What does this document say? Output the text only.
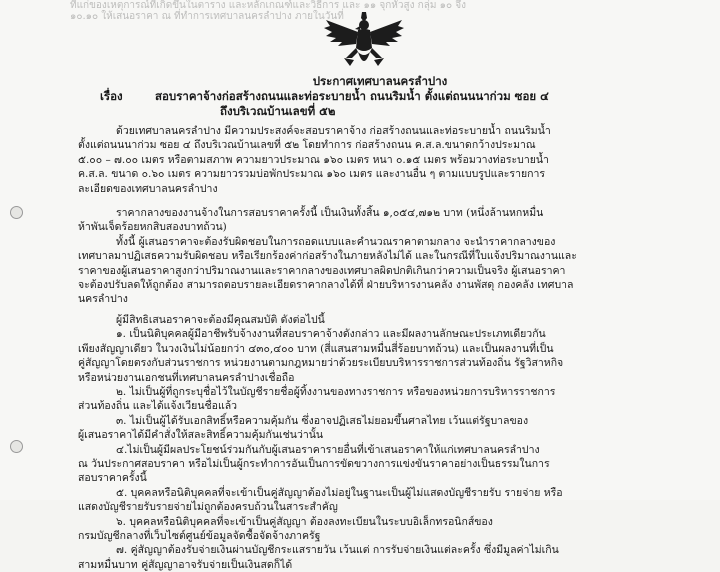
ที่แก่ของเหตุการณ์ที่เกิดขึ้นในตาราง และหลักเกณฑ์และวิธีการ และ ๑๑ จุกหัวสูง กลุ่ม ๑๐ จึง
๑๐.๑๐ ให้เสนอราคา ณ ที่ทำการเทศบาลนครลำปาง ภายในวันที่
ประกาศเทศบาลนครลำปาง
เรื่อง	สอบราคาจ้างก่อสร้างถนนและท่อระบายน้ำ ถนนริมน้ำ ตั้งแต่ถนนนาก่วม ซอย ๔
ถึงบริเวณบ้านเลขที่ ๕๒

ด้วยเทศบาลนครลำปาง มีความประสงค์จะสอบราคาจ้าง ก่อสร้างถนนและท่อระบายน้ำ ถนนริมน้ำ

ตั้งแต่ถนนนาก่วม ซอย ๔ ถึงบริเวณบ้านเลขที่ ๕๒ โดยทำการ ก่อสร้างถนน ค.ส.ล.ขนาดกว้างประมาณ

๕.๐๐ – ๗.๐๐ เมตร หรือตามสภาพ ความยาวประมาณ ๑๖๐ เมตร หนา ๐.๑๕ เมตร พร้อมวางท่อระบายน้ำ

ค.ส.ล. ขนาด ๐.๖๐ เมตร ความยาวรวมบ่อพักประมาณ ๑๖๐ เมตร และงานอื่น ๆ ตามแบบรูปและรายการ

ละเอียดของเทศบาลนครลำปาง

ราคากลางของงานจ้างในการสอบราคาครั้งนี้ เป็นเงินทั้งสิ้น ๑,๐๕๔,๗๑๒ บาท (หนึ่งล้านหกหมื่น

ห้าพันเจ็ดร้อยหกสิบสองบาทถ้วน)

ทั้งนี้ ผู้เสนอราคาจะต้องรับผิดชอบในการถอดแบบและคำนวณราคาตามกลาง จะนำราคากลางของ

เทศบาลมาปฏิเสธความรับผิดชอบ หรือเรียกร้องค่าก่อสร้างในภายหลังไม่ได้ และในกรณีที่ใบแจ้งปริมาณงานและ

ราคาของผู้เสนอราคาสูงกว่าปริมาณงานและราคากลางของเทศบาลผิดปกติเกินกว่าความเป็นจริง ผู้เสนอราคา

จะต้องปรับลดให้ถูกต้อง สามารถตอบรายละเอียดราคากลางได้ที่ ฝ่ายบริหารงานคลัง งานพัสดุ กองคลัง เทศบาล

นครลำปาง

ผู้มีสิทธิเสนอราคาจะต้องมีคุณสมบัติ ดังต่อไปนี้

๑. เป็นนิติบุคคลผู้มีอาชีพรับจ้างงานที่สอบราคาจ้างดังกล่าว และมีผลงานลักษณะประเภทเดียวกัน

เพียงสัญญาเดียว ในวงเงินไม่น้อยกว่า ๔๓๐,๔๐๐ บาท (สี่แสนสามหมื่นสี่ร้อยบาทถ้วน) และเป็นผลงานที่เป็น

คู่สัญญาโดยตรงกับส่วนราชการ หน่วยงานตามกฎหมายว่าด้วยระเบียบบริหารราชการส่วนท้องถิ่น รัฐวิสาหกิจ

หรือหน่วยงานเอกชนที่เทศบาลนครลำปางเชื่อถือ

๒. ไม่เป็นผู้ที่ถูกระบุชื่อไว้ในบัญชีรายชื่อผู้ทิ้งงานของทางราชการ หรือของหน่วยการบริหารราชการ

ส่วนท้องถิ่น และได้แจ้งเวียนชื่อแล้ว

๓. ไม่เป็นผู้ได้รับเอกสิทธิ์หรือความคุ้มกัน ซึ่งอาจปฏิเสธไม่ยอมขึ้นศาลไทย เว้นแต่รัฐบาลของ

ผู้เสนอราคาได้มีคำสั่งให้สละสิทธิ์ความคุ้มกันเช่นว่านั้น

๔.ไม่เป็นผู้มีผลประโยชน์ร่วมกันกับผู้เสนอราคารายอื่นที่เข้าเสนอราคาให้แก่เทศบาลนครลำปาง

ณ วันประกาศสอบราคา หรือไม่เป็นผู้กระทำการอันเป็นการขัดขวางการแข่งขันราคาอย่างเป็นธรรมในการ

สอบราคาครั้งนี้

๕. บุคคลหรือนิติบุคคลที่จะเข้าเป็นคู่สัญญาต้องไม่อยู่ในฐานะเป็นผู้ไม่แสดงบัญชีรายรับ รายจ่าย หรือ

แสดงบัญชีรายรับรายจ่ายไม่ถูกต้องครบถ้วนในสาระสำคัญ

๖. บุคคลหรือนิติบุคคลที่จะเข้าเป็นคู่สัญญา ต้องลงทะเบียนในระบบอิเล็กทรอนิกส์ของ

กรมบัญชีกลางที่เว็บไซต์ศูนย์ข้อมูลจัดซื้อจัดจ้างภาครัฐ

๗. คู่สัญญาต้องรับจ่ายเงินผ่านบัญชีกระแสรายวัน เว้นแต่ การรับจ่ายเงินแต่ละครั้ง ซึ่งมีมูลค่าไม่เกิน

สามหมื่นบาท คู่สัญญาอาจรับจ่ายเป็นเงินสดก็ได้
